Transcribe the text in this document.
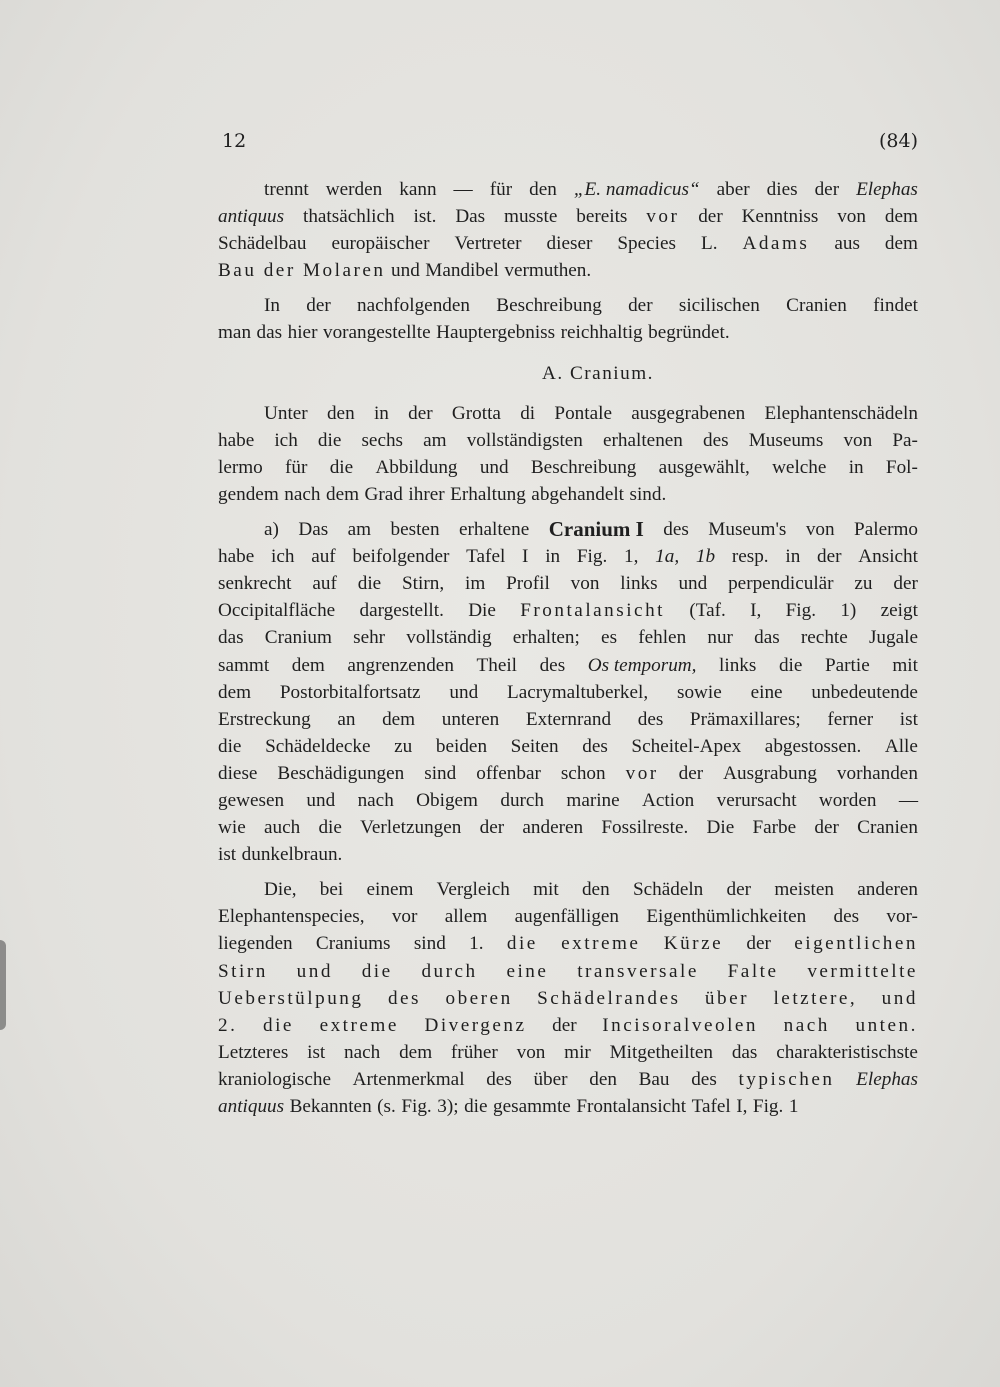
12	(84)
trennt werden kann — für den „E. namadicus“ aber dies der Elephas
antiquus thatsächlich ist. Das musste bereits vor der Kenntniss von dem
Schädelbau europäischer Vertreter dieser Species L. Adams aus dem
Bau der Molaren und Mandibel vermuthen.
In der nachfolgenden Beschreibung der sicilischen Cranien findet
man das hier vorangestellte Hauptergebniss reichhaltig begründet.
A. Cranium.
Unter den in der Grotta di Pontale ausgegrabenen Elephantenschädeln
habe ich die sechs am vollständigsten erhaltenen des Museums von Pa-
lermo für die Abbildung und Beschreibung ausgewählt, welche in Fol-
gendem nach dem Grad ihrer Erhaltung abgehandelt sind.
a) Das am besten erhaltene Cranium I des Museum's von Palermo
habe ich auf beifolgender Tafel I in Fig. 1, 1a, 1b resp. in der Ansicht
senkrecht auf die Stirn, im Profil von links und perpendiculär zu der
Occipitalfläche dargestellt. Die Frontalansicht (Taf. I, Fig. 1) zeigt
das Cranium sehr vollständig erhalten; es fehlen nur das rechte Jugale
sammt dem angrenzenden Theil des Os temporum, links die Partie mit
dem Postorbitalfortsatz und Lacrymaltuberkel, sowie eine unbedeutende
Erstreckung an dem unteren Externrand des Prämaxillares; ferner ist
die Schädeldecke zu beiden Seiten des Scheitel-Apex abgestossen. Alle
diese Beschädigungen sind offenbar schon vor der Ausgrabung vorhanden
gewesen und nach Obigem durch marine Action verursacht worden —
wie auch die Verletzungen der anderen Fossilreste. Die Farbe der Cranien
ist dunkelbraun.
Die, bei einem Vergleich mit den Schädeln der meisten anderen
Elephantenspecies, vor allem augenfälligen Eigenthümlichkeiten des vor-
liegenden Craniums sind 1. die extreme Kürze der eigentlichen
Stirn und die durch eine transversale Falte vermittelte
Ueberstülpung des oberen Schädelrandes über letztere, und
2. die extreme Divergenz der Incisoralveolen nach unten.
Letzteres ist nach dem früher von mir Mitgetheilten das charakteristischste
kraniologische Artenmerkmal des über den Bau des typischen Elephas
antiquus Bekannten (s. Fig. 3); die gesammte Frontalansicht Tafel I, Fig. 1
